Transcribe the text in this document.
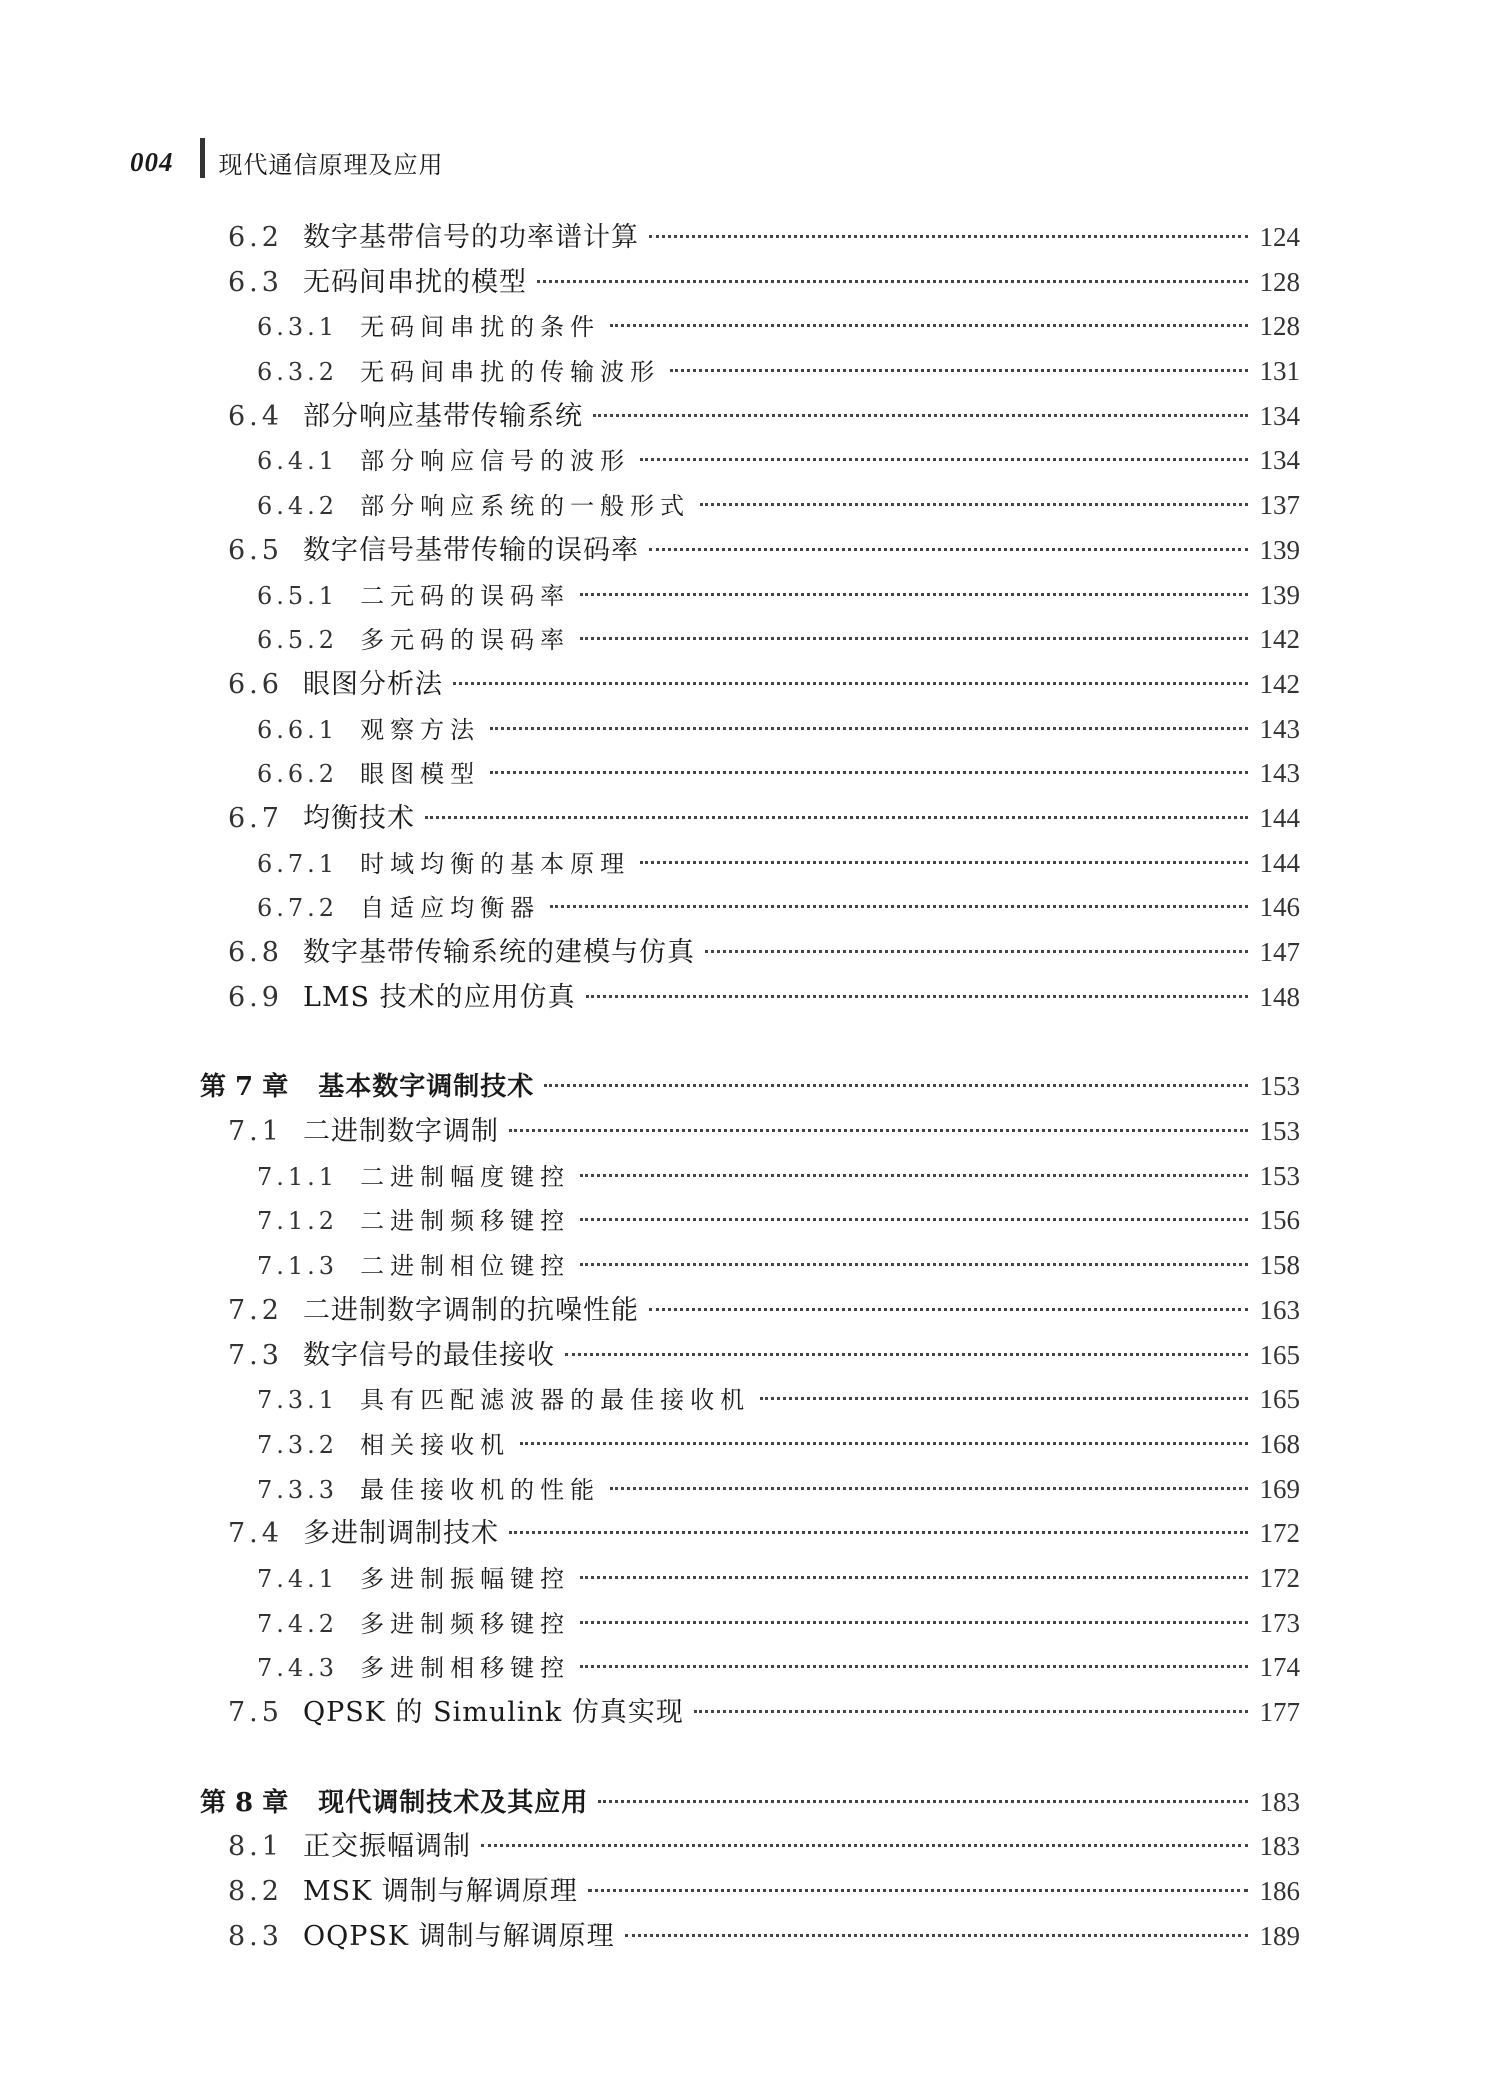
004 现代通信原理及应用
6.2 数字基带信号的功率谱计算	124
6.3 无码间串扰的模型	128
6.3.1 无码间串扰的条件	128
6.3.2 无码间串扰的传输波形	131
6.4 部分响应基带传输系统	134
6.4.1 部分响应信号的波形	134
6.4.2 部分响应系统的一般形式	137
6.5 数字信号基带传输的误码率	139
6.5.1 二元码的误码率	139
6.5.2 多元码的误码率	142
6.6 眼图分析法	142
6.6.1 观察方法	143
6.6.2 眼图模型	143
6.7 均衡技术	144
6.7.1 时域均衡的基本原理	144
6.7.2 自适应均衡器	146
6.8 数字基带传输系统的建模与仿真	147
6.9 LMS 技术的应用仿真	148
第 7 章 基本数字调制技术	153
7.1 二进制数字调制	153
7.1.1 二进制幅度键控	153
7.1.2 二进制频移键控	156
7.1.3 二进制相位键控	158
7.2 二进制数字调制的抗噪性能	163
7.3 数字信号的最佳接收	165
7.3.1 具有匹配滤波器的最佳接收机	165
7.3.2 相关接收机	168
7.3.3 最佳接收机的性能	169
7.4 多进制调制技术	172
7.4.1 多进制振幅键控	172
7.4.2 多进制频移键控	173
7.4.3 多进制相移键控	174
7.5 QPSK 的 Simulink 仿真实现	177
第 8 章 现代调制技术及其应用	183
8.1 正交振幅调制	183
8.2 MSK 调制与解调原理	186
8.3 OQPSK 调制与解调原理	189
